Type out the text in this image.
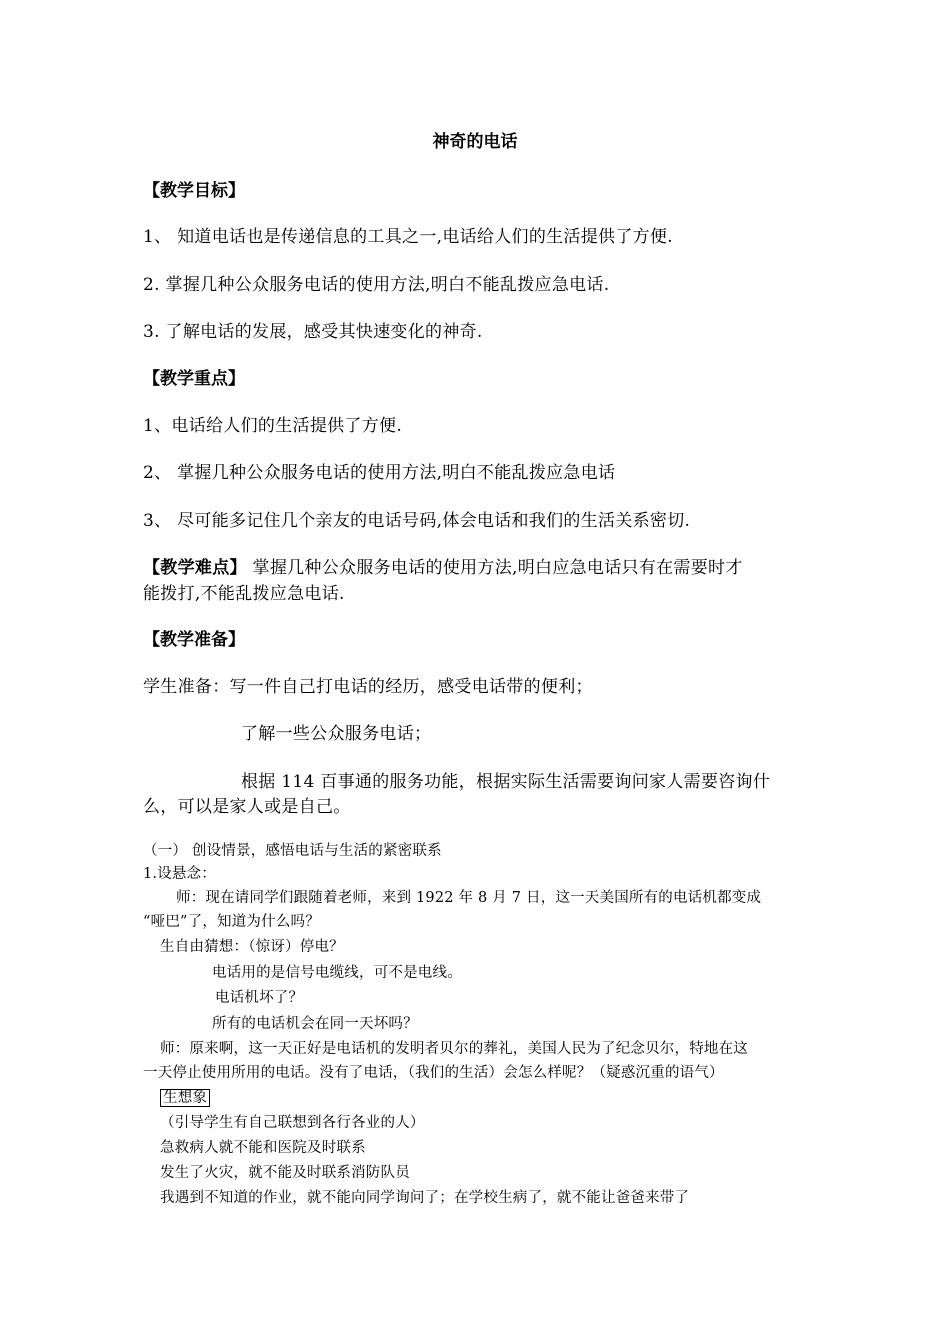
神奇的电话
【教学目标】
1、 知道电话也是传递信息的工具之一,电话给人们的生活提供了方便.
2. 掌握几种公众服务电话的使用方法,明白不能乱拨应急电话.
3. 了解电话的发展，感受其快速变化的神奇.
【教学重点】
1、电话给人们的生活提供了方便.
2、 掌握几种公众服务电话的使用方法,明白不能乱拨应急电话
3、 尽可能多记住几个亲友的电话号码,体会电话和我们的生活关系密切.
【教学难点】 掌握几种公众服务电话的使用方法,明白应急电话只有在需要时才
能拨打,不能乱拨应急电话.
【教学准备】
学生准备：写一件自己打电话的经历，感受电话带的便利；
了解一些公众服务电话；
根据 114 百事通的服务功能，根据实际生活需要询问家人需要咨询什
么，可以是家人或是自己。
（一） 创设情景，感悟电话与生活的紧密联系
1.设悬念：
师：现在请同学们跟随着老师，来到 1922 年 8 月 7 日，这一天美国所有的电话机都变成
“哑巴”了，知道为什么吗？
生自由猜想：（惊讶）停电？
电话用的是信号电缆线，可不是电线。
电话机坏了？
所有的电话机会在同一天坏吗？
师：原来啊，这一天正好是电话机的发明者贝尔的葬礼，美国人民为了纪念贝尔，特地在这
一天停止使用所用的电话。没有了电话，（我们的生活）会怎么样呢？（疑惑沉重的语气）
生想象
（引导学生有自己联想到各行各业的人）
急救病人就不能和医院及时联系
发生了火灾，就不能及时联系消防队员
我遇到不知道的作业，就不能向同学询问了；在学校生病了，就不能让爸爸来带了
